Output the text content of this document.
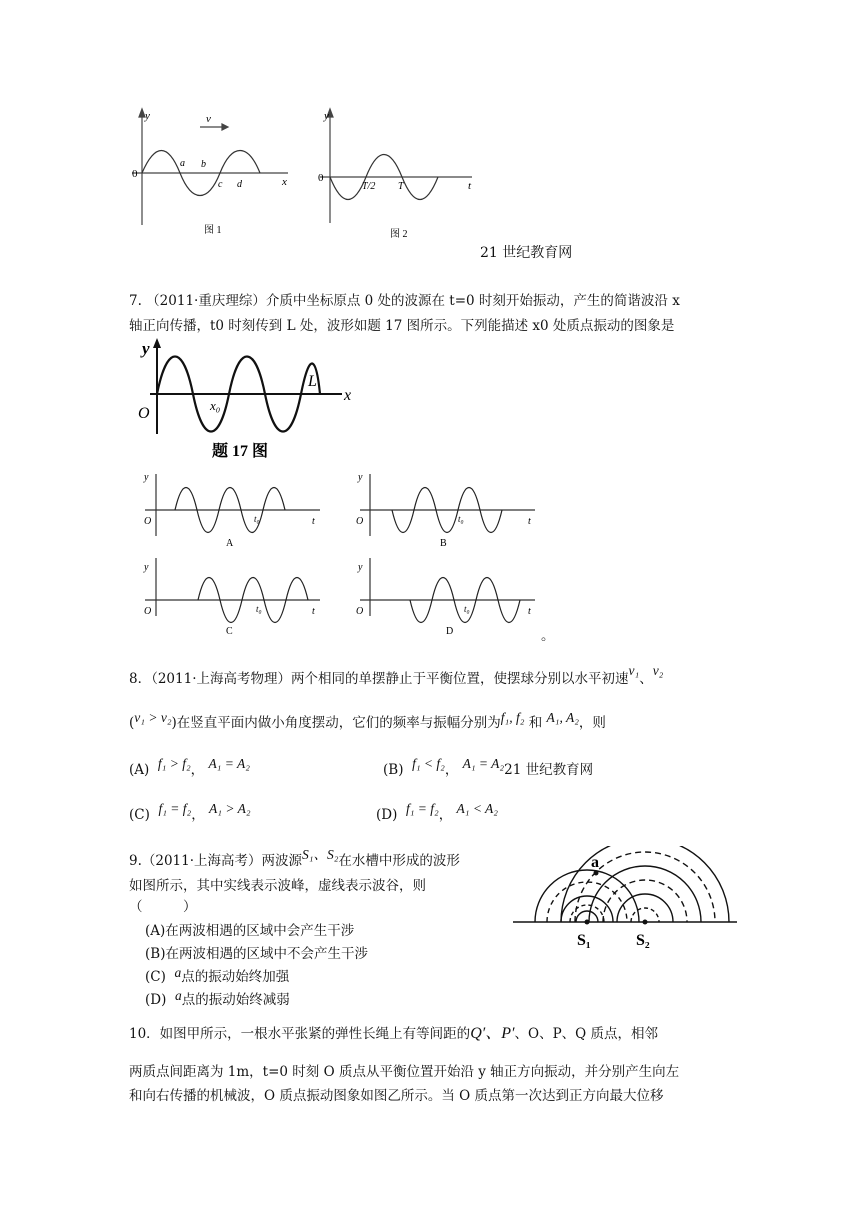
y	v
0
a b
c d	x
图 1
y
0
T/2 T	t
图 2
21 世纪教育网
7. （2011·重庆理综）介质中坐标原点 0 处的波源在 t=0 时刻开始振动，产生的简谐波沿 x
轴正向传播，t0 时刻传到 L 处，波形如题 17 图所示。下列能描述 x0 处质点振动的图象是
y
O
x
x₀
L
题 17 图
y
O	t₀	t
A
y
O	t₀	t
B
y
O	t₀	t
C
y
O	t₀	t
D	。
8．（2011·上海高考物理）两个相同的单摆静止于平衡位置，使摆球分别以水平初速v₁、v₂
(v₁ > v₂)在竖直平面内做小角度摆动，它们的频率与振幅分别为f₁, f₂ 和 A₁, A₂，则
(A) f₁ > f₂， A₁ = A₂	(B) f₁ < f₂， A₁ = A₂21 世纪教育网
(C) f₁ = f₂， A₁ > A₂	(D) f₁ = f₂， A₁ < A₂
9.（2011·上海高考）两波源S₁、S₂在水槽中形成的波形
如图所示，其中实线表示波峰，虚线表示波谷，则
（　　　）
(A)在两波相遇的区域中会产生干涉
(B)在两波相遇的区域中不会产生干涉
(C) a点的振动始终加强
(D) a点的振动始终减弱
a
S₁	S₂
10．如图甲所示，一根水平张紧的弹性长绳上有等间距的Q′、P′、O、P、Q 质点，相邻
两质点间距离为 1m，t=0 时刻 O 质点从平衡位置开始沿 y 轴正方向振动，并分别产生向左
和向右传播的机械波，O 质点振动图象如图乙所示。当 O 质点第一次达到正方向最大位移
